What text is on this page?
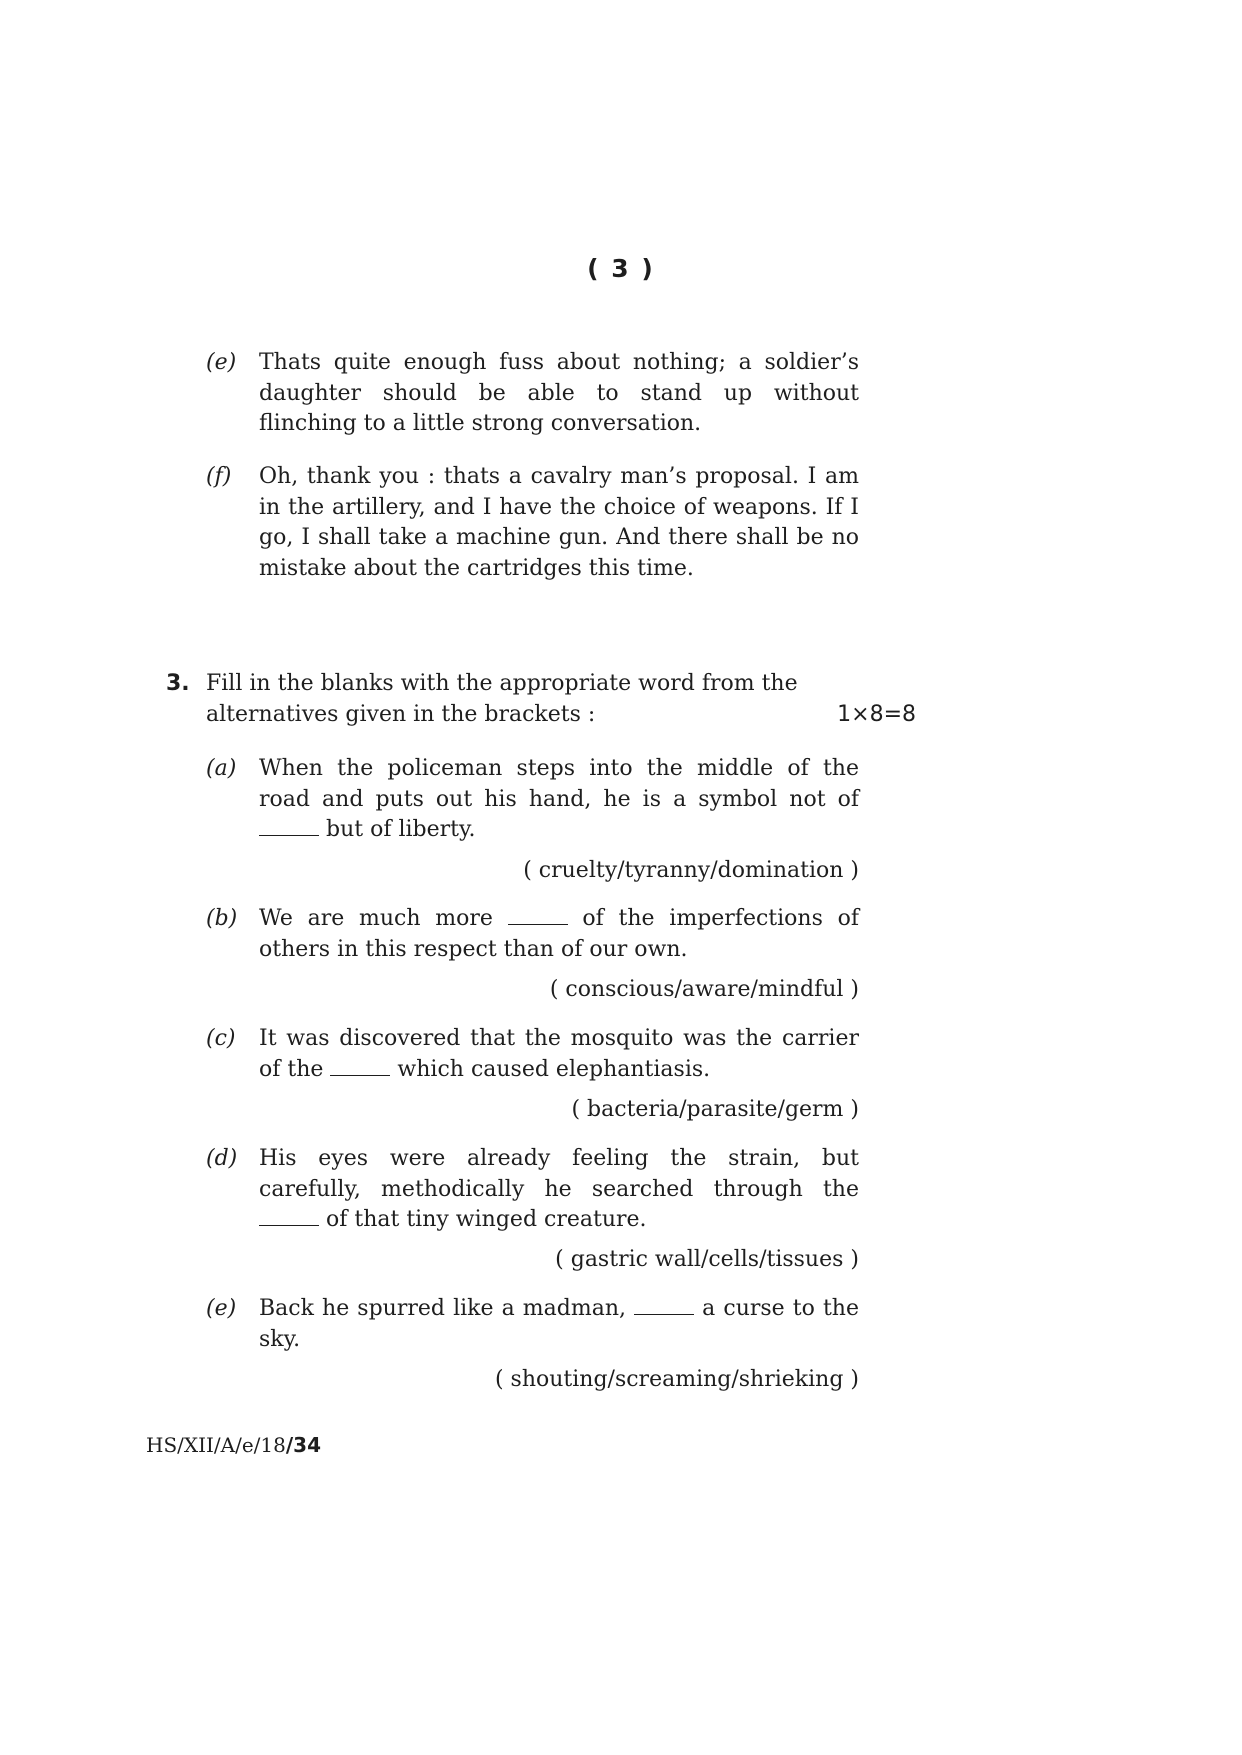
( 3 )
(e) Thats quite enough fuss about nothing; a soldier’s daughter should be able to stand up without flinching to a little strong conversation.
(f) Oh, thank you : thats a cavalry man’s proposal. I am in the artillery, and I have the choice of weapons. If I go, I shall take a machine gun. And there shall be no mistake about the cartridges this time.
3. Fill in the blanks with the appropriate word from the alternatives given in the brackets :	1×8=8
(a) When the policeman steps into the middle of the road and puts out his hand, he is a symbol not of  but of liberty.
( cruelty/tyranny/domination )
(b) We are much more	of the imperfections of others in this respect than of our own.
( conscious/aware/mindful )
(c) It was discovered that the mosquito was the carrier of the	which caused elephantiasis.
( bacteria/parasite/germ )
(d) His eyes were already feeling the strain, but carefully, methodically he searched through the  of that tiny winged creature.
( gastric wall/cells/tissues )
(e) Back he spurred like a madman,	a curse to the sky.
( shouting/screaming/shrieking )
HS/XII/A/e/18/34
